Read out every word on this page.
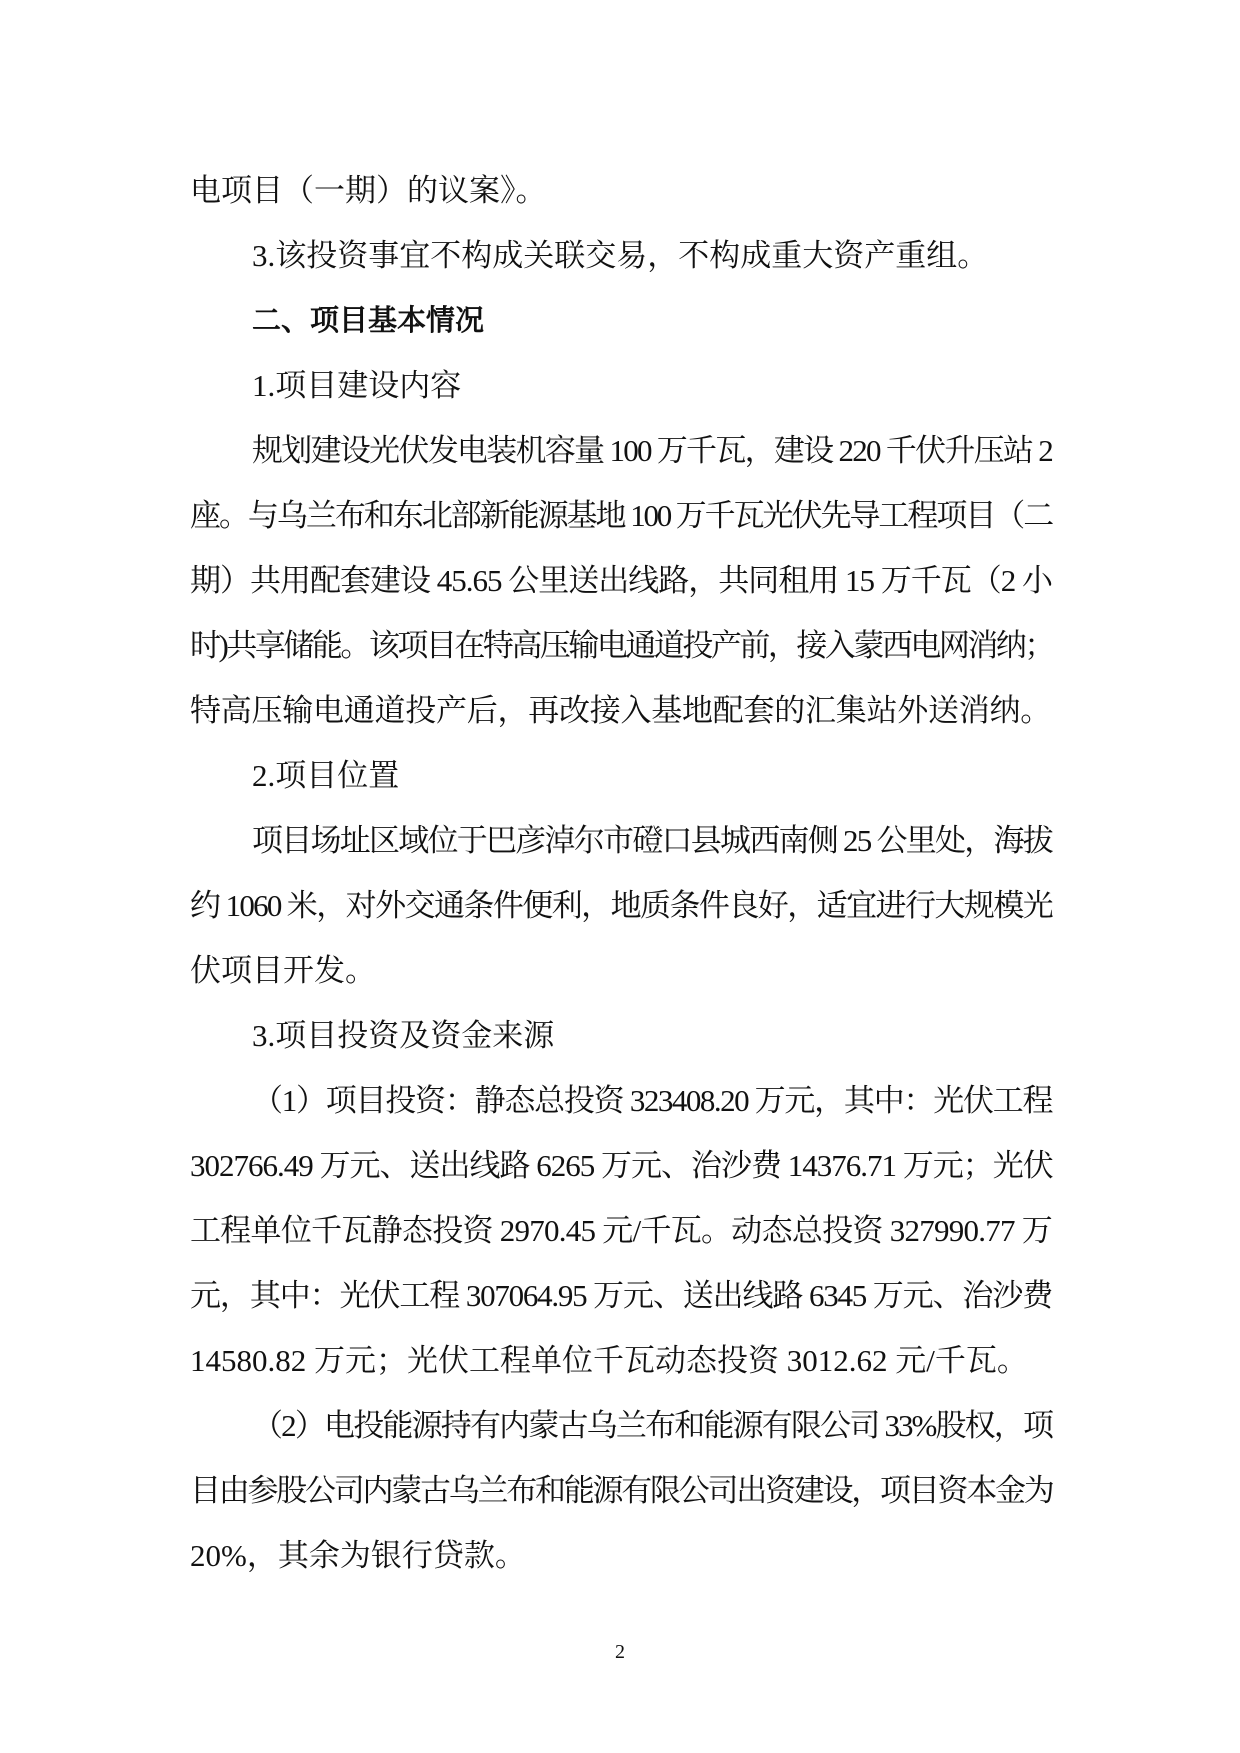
电项目（一期）的议案》。
3.该投资事宜不构成关联交易，不构成重大资产重组。
二、项目基本情况
1.项目建设内容
规划建设光伏发电装机容量 100 万千瓦，建设 220 千伏升压站 2
座。与乌兰布和东北部新能源基地 100 万千瓦光伏先导工程项目（二
期）共用配套建设 45.65 公里送出线路，共同租用 15 万千瓦（2 小
时)共享储能。该项目在特高压输电通道投产前，接入蒙西电网消纳；
特高压输电通道投产后，再改接入基地配套的汇集站外送消纳。
2.项目位置
项目场址区域位于巴彦淖尔市磴口县城西南侧 25 公里处，海拔
约 1060 米，对外交通条件便利，地质条件良好，适宜进行大规模光
伏项目开发。
3.项目投资及资金来源
（1）项目投资：静态总投资 323408.20 万元，其中：光伏工程
302766.49 万元、送出线路 6265 万元、治沙费 14376.71 万元；光伏
工程单位千瓦静态投资 2970.45 元/千瓦。动态总投资 327990.77 万
元，其中：光伏工程 307064.95 万元、送出线路 6345 万元、治沙费
14580.82 万元；光伏工程单位千瓦动态投资 3012.62 元/千瓦。
（2）电投能源持有内蒙古乌兰布和能源有限公司 33%股权，项
目由参股公司内蒙古乌兰布和能源有限公司出资建设，项目资本金为
20%，其余为银行贷款。
2
